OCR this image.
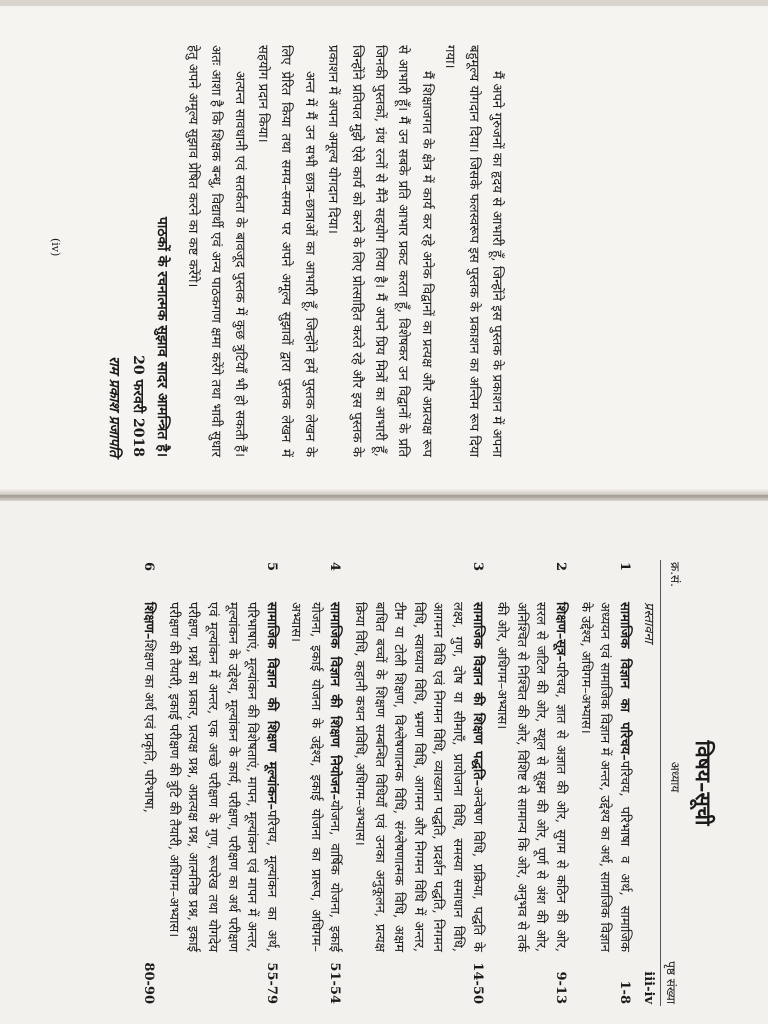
मैं अपने गुरुजनों का हृदय से आभारी हूँ, जिन्होंने इस पुस्तक के प्रकाशन में अपना बहुमूल्य योगदान दिया। जिसके फलस्वरूप इस पुस्तक के प्रकाशन का अन्तिम रूप दिया गया।

मैं शिक्षाजगत के क्षेत्र में कार्य कर रहे अनेक विद्वानों का प्रत्यक्ष और अप्रत्यक्ष रूप से आभारी हूँ। मैं उन सबके प्रति आभार प्रकट करता हूँ, विशेषकर उन विद्वानों के प्रति जिनकी पुस्तकों, ग्रंथ रत्नों से मैंने सहयोग लिया है। मैं अपने प्रिय मित्रों का आभारी हूँ, जिन्होंने प्रतिपल मुझे ऐसे कार्य को करने के लिए प्रोत्साहित करते रहे और इस पुस्तक के प्रकाशन में अपना अमूल्य योगदान दिया।

अन्त में मैं उन सभी छात्र–छात्राओं का आभारी हूँ, जिन्होंने हमें पुस्तक लेखन के लिए प्रेरित किया तथा समय–समय पर अपने अमूल्य सुझावों द्वारा पुस्तक लेखन में सहयोग प्रदान किया।

अत्यन्त सावधानी एवं सतर्कता के बावजूद पुस्तक में कुछ त्रुटियाँ भी हो सकती हैं। अतः आशा है कि शिक्षक बन्धु, विद्यार्थी एवं अन्य पाठकगण क्षमा करेंगे तथा भावी सुधार हेतु अपने अमूल्य सुझाव प्रेषित करने का कष्ट करेंगे।

पाठकों के रचनात्मक सुझाव सादर आमन्त्रित है।
20 फरवरी 2018
राम प्रकाश प्रजापति
(iv)
विषय–सूची
क्र.सं.	अध्याय	पृष्ठ संख्या
	प्रस्तावना	iii-iv
1	सामाजिक विज्ञान का परिचय–परिचय, परिभाषा व अर्थ, सामाजिक अध्ययन एवं सामाजिक विज्ञान में अन्तर, उद्देश्य का अर्थ, सामाजिक विज्ञान के उद्देश्य, अधिगम–अभ्यास।	1-8
2	शिक्षण–सूत्र–परिचय, ज्ञात से अज्ञात की ओर, सुगम से कठिन की ओर, सरल से जटिल की ओर, स्थूल से सूक्ष्म की ओर, पूर्ण से अंश की ओर, अनिश्चित से निश्चित की ओर, विशिष्ट से सामान्य कि ओर, अनुभव से तर्क की ओर, अधिगम–अभ्यास।	9-13
3	सामाजिक विज्ञान की शिक्षण पद्धति–अन्वेषण विधि, प्रक्रिया, पद्धति के लक्ष्य, गुण, दोष या सीमाएँ, प्रायोजना विधि, समस्या समाधान विधि, आगमन विधि एवं निगमन विधि, व्याख्यान पद्धति, प्रदर्शन पद्धति, निगमन विधि, स्वाध्याय विधि, भ्रमण विधि, आगमन और निगमन विधि में अन्तर, टीम या टोली शिक्षण, विश्लेषणात्मक विधि, संश्लेषणात्मक विधि, अक्षम बाधित बच्चों के शिक्षण सम्बन्धित विधियाँ एवं उनका अनुकूलन, प्रत्यक्ष क्रिया विधि, कहानी कथन प्रविधि, अधिगम–अभ्यास।	14-50
4	सामाजिक विज्ञान की शिक्षण नियोजन–योजना, वार्षिक योजना, इकाई योजना, इकाई योजना के उद्देश्य, इकाई योजना का प्रारूप, अधिगम–अभ्यास।	51-54
5	सामाजिक विज्ञान की शिक्षण मूल्यांकन–परिचय, मूल्यांकन का अर्थ, परिभाषाएं, मूल्यांकन की विशेषताएं, मापन, मूल्यांकन एवं मापन में अन्तर, मूल्यांकन के उद्देश्य, मूल्यांकन के कार्य, परीक्षण, परीक्षण का अर्थ परीक्षण एवं मूल्यांकन में अन्तर, एक अच्छे परीक्षण के गुण, रूपरेख तथा योगदेय परीक्षण, प्रश्नों का प्रकार, प्रत्यक्ष प्रश्न, अप्रत्यक्ष प्रश्न, आत्मनिष्ठ प्रश्न, इकाई परीक्षण की तैयारी, इकाई परीक्षण की त्रुटि की तैयारी, अधिगम–अभ्यास।	55-79
6	शिक्षण–शिक्षण का अर्थ एवं प्रकृति, परिभाषा,	80-90
